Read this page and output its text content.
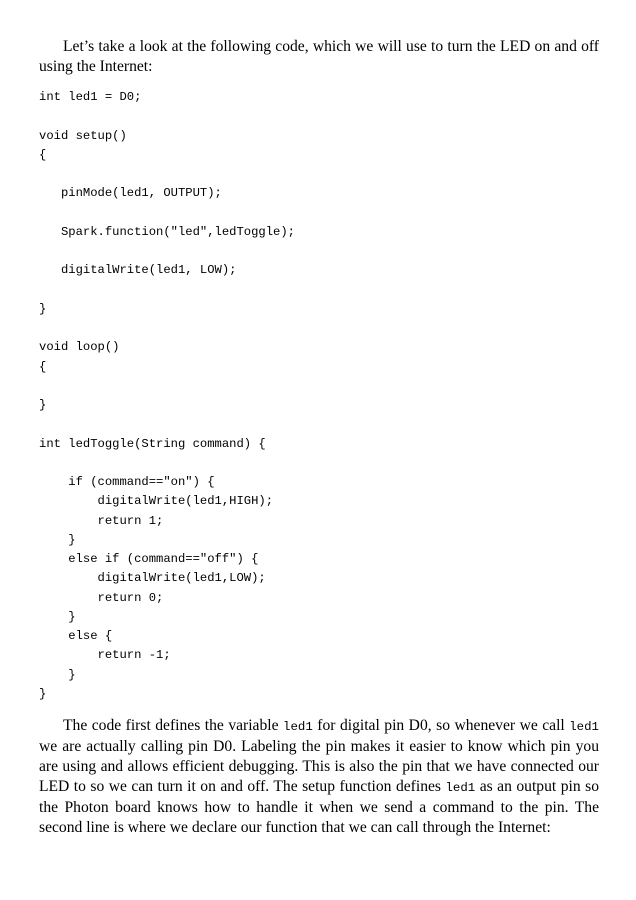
Let’s take a look at the following code, which we will use to turn the LED on and off using the Internet:

int led1 = D0;
void setup()
{
pinMode(led1, OUTPUT);
Spark.function("led",ledToggle);
digitalWrite(led1, LOW);
}
void loop()
{
}
int ledToggle(String command) {
if (command=="on") {
digitalWrite(led1,HIGH);
return 1;
}
else if (command=="off") {
digitalWrite(led1,LOW);
return 0;
}
else {
return -1;
}
}

The code first defines the variable led1 for digital pin D0, so whenever we call led1 we are actually calling pin D0. Labeling the pin makes it easier to know which pin you are using and allows efficient debugging. This is also the pin that we have connected our LED to so we can turn it on and off. The setup function defines led1 as an output pin so the Photon board knows how to handle it when we send a command to the pin. The second line is where we declare our function that we can call through the Internet:
